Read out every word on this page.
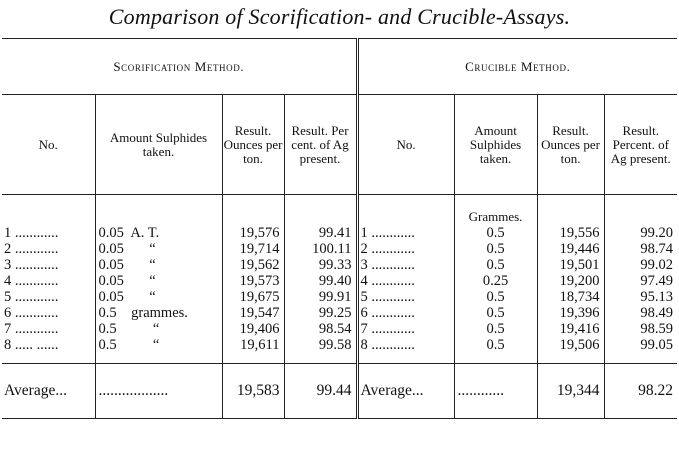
Comparison of Scorification- and Crucible-Assays.
Scorification Method.				Crucible Method.			
No.	Amount Sulphides taken.	Result. Ounces per ton.	Result. Per cent. of Ag present.	No.	Amount Sulphides taken.	Result. Ounces per ton.	Result. Percent. of Ag present.

					Grammes.		
1 ............	0.05  A. T.	19,576	99.41	1 ............	0.5	19,556	99.20
2 ............	0.05       “	19,714	100.11	2 ............	0.5	19,446	98.74
3 ............	0.05       “	19,562	99.33	3 ............	0.5	19,501	99.02
4 ............	0.05       “	19,573	99.40	4 ............	0.25	19,200	97.49
5 ............	0.05       “	19,675	99.91	5 ............	0.5	18,734	95.13
6 ............	0.5    grammes.	19,547	99.25	6 ............	0.5	19,396	98.49
7 ............	0.5          “	19,406	98.54	7 ............	0.5	19,416	98.59
8 ..... ......	0.5          “	19,611	99.58	8 ............	0.5	19,506	99.05

Average...	..................	19,583	99.44	Average...	............	19,344	98.22
